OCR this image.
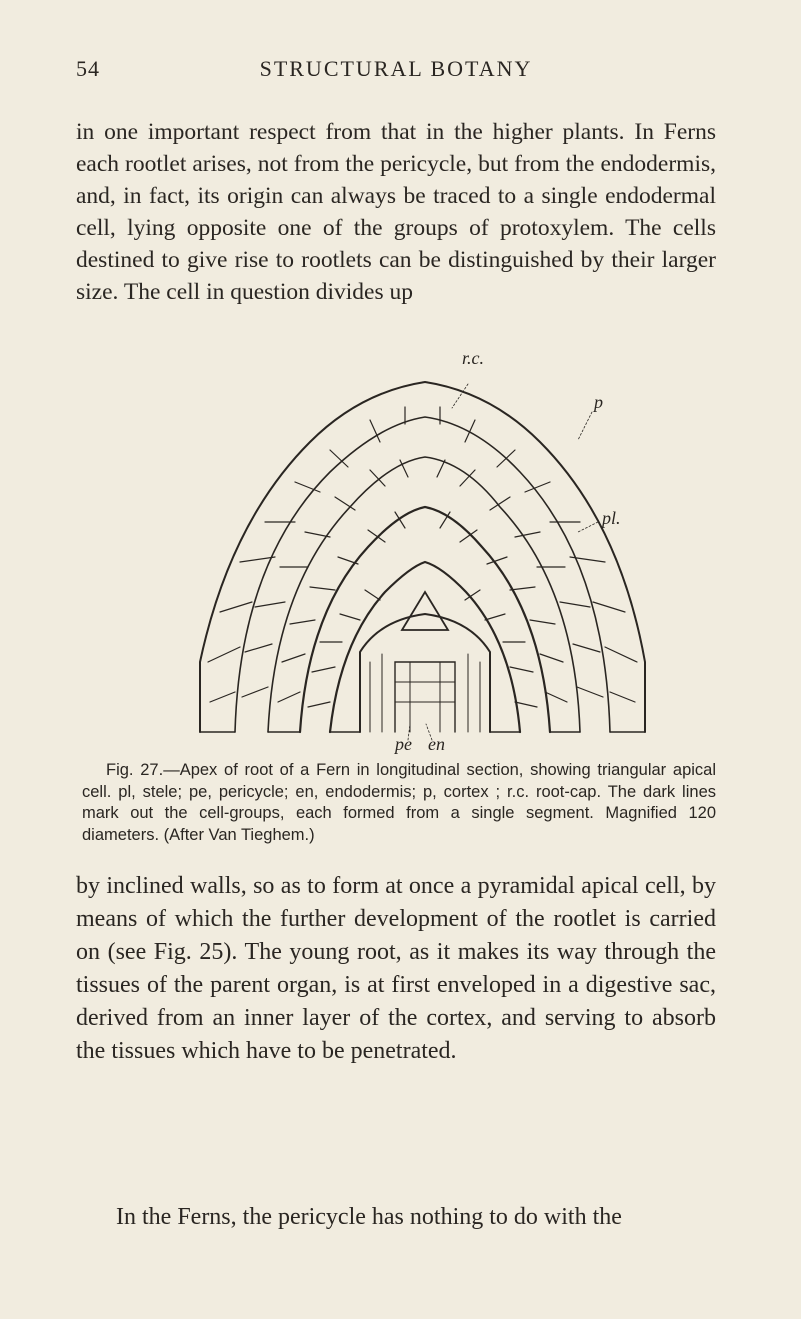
54	STRUCTURAL BOTANY

in one important respect from that in the higher plants. In Ferns each rootlet arises, not from the pericycle, but from the endodermis, and, in fact, its origin can always be traced to a single endodermal cell, lying opposite one of the groups of protoxylem. The cells destined to give rise to rootlets can be distinguished by their larger size. The cell in question divides up

r.c.
p
pl.
pe en

Fig. 27.—Apex of root of a Fern in longitudinal section, showing triangular apical cell. pl, stele; pe, pericycle; en, endodermis; p, cortex ; r.c. root-cap. The dark lines mark out the cell-groups, each formed from a single segment. Magnified 120 diameters. (After Van Tieghem.)

by inclined walls, so as to form at once a pyramidal apical cell, by means of which the further development of the rootlet is carried on (see Fig. 25). The young root, as it makes its way through the tissues of the parent organ, is at first enveloped in a digestive sac, derived from an inner layer of the cortex, and serving to absorb the tissues which have to be penetrated.

In the Ferns, the pericycle has nothing to do with the
